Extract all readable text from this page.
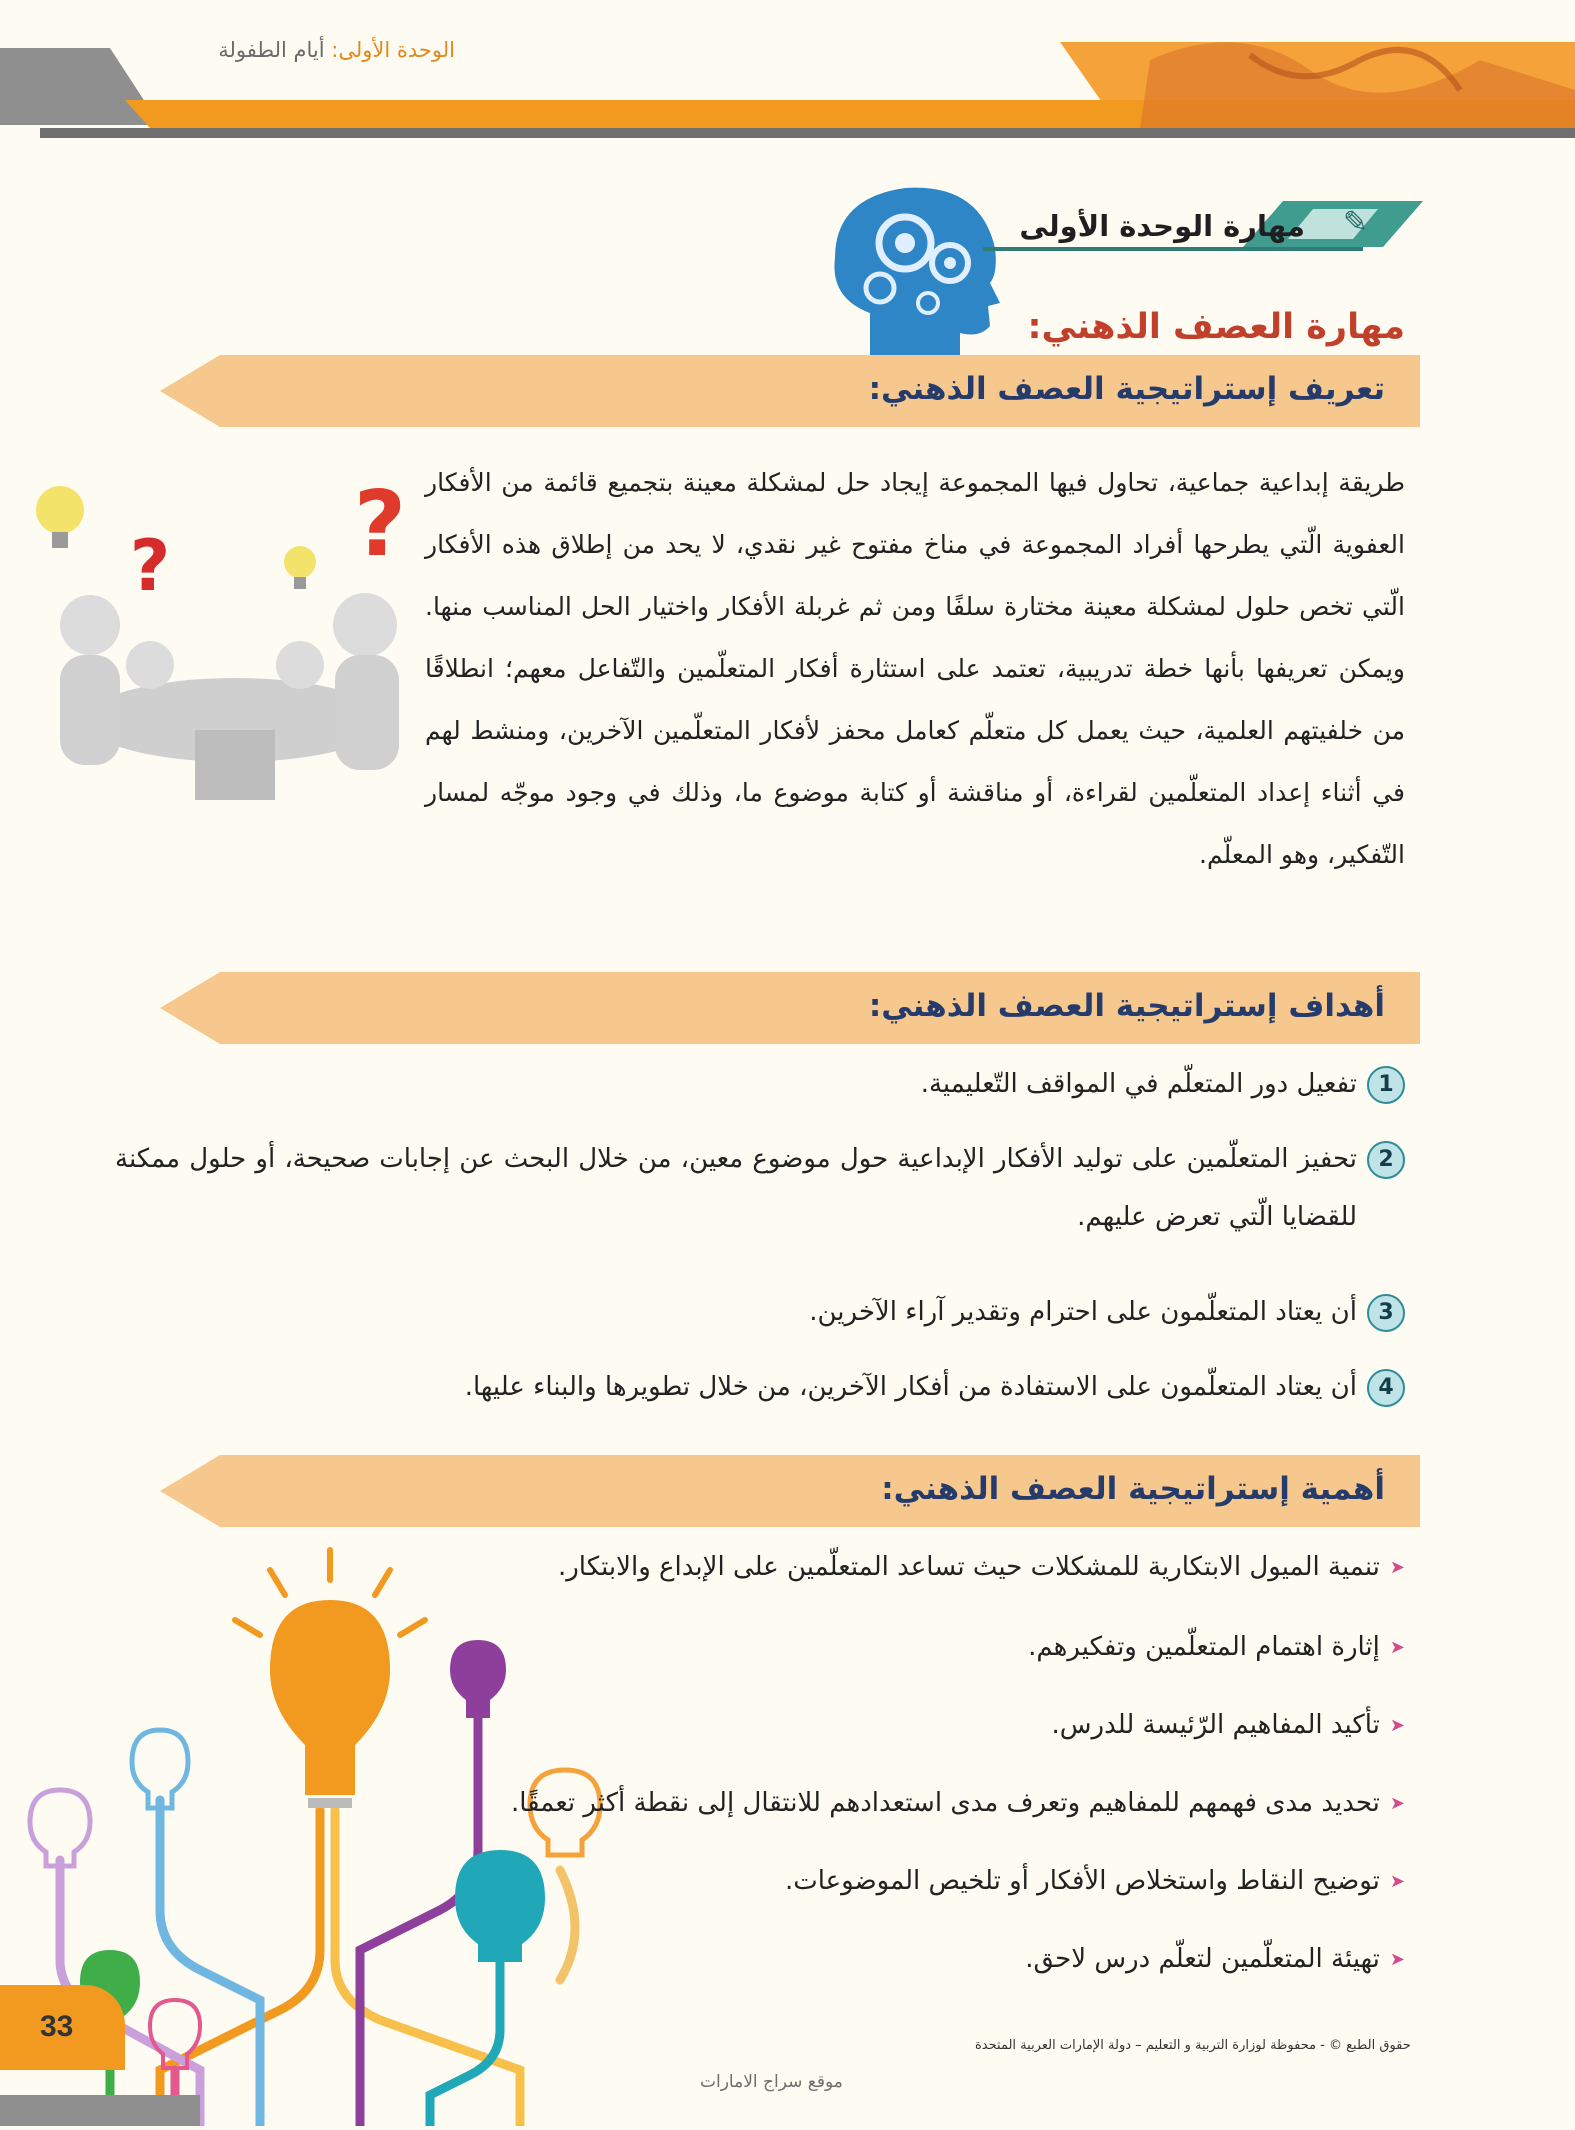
الوحدة الأولى: أيام الطفولة
✎
مهارة الوحدة الأولى
مهارة العصف الذهني:
تعريف إستراتيجية العصف الذهني:
? ? طريقة إبداعية جماعية، تحاول فيها المجموعة إيجاد حل لمشكلة معينة بتجميع قائمة من الأفكار العفوية الّتي يطرحها أفراد المجموعة في مناخ مفتوح غير نقدي، لا يحد من إطلاق هذه الأفكار الّتي تخص حلول لمشكلة معينة مختارة سلفًا ومن ثم غربلة الأفكار واختيار الحل المناسب منها. ويمكن تعريفها بأنها خطة تدريبية، تعتمد على استثارة أفكار المتعلّمين والتّفاعل معهم؛ انطلاقًا من خلفيتهم العلمية، حيث يعمل كل متعلّم كعامل محفز لأفكار المتعلّمين الآخرين، ومنشط لهم في أثناء إعداد المتعلّمين لقراءة، أو مناقشة أو كتابة موضوع ما، وذلك في وجود موجّه لمسار التّفكير، وهو المعلّم.
أهداف إستراتيجية العصف الذهني:
1
تفعيل دور المتعلّم في المواقف التّعليمية.
2
تحفيز المتعلّمين على توليد الأفكار الإبداعية حول موضوع معين، من خلال البحث عن إجابات صحيحة، أو حلول ممكنة للقضايا الّتي تعرض عليهم.
3
أن يعتاد المتعلّمون على احترام وتقدير آراء الآخرين.
4
أن يعتاد المتعلّمون على الاستفادة من أفكار الآخرين، من خلال تطويرها والبناء عليها.
أهمية إستراتيجية العصف الذهني:
➤
تنمية الميول الابتكارية للمشكلات حيث تساعد المتعلّمين على الإبداع والابتكار.
➤
إثارة اهتمام المتعلّمين وتفكيرهم.
➤
تأكيد المفاهيم الرّئيسة للدرس.
➤
تحديد مدى فهمهم للمفاهيم وتعرف مدى استعدادهم للانتقال إلى نقطة أكثر تعمقًا.
➤
توضيح النقاط واستخلاص الأفكار أو تلخيص الموضوعات.
➤
تهيئة المتعلّمين لتعلّم درس لاحق.
33
حقوق الطبع © - محفوظة لوزارة التربية و التعليم – دولة الإمارات العربية المتحدة
موقع سراج الامارات
